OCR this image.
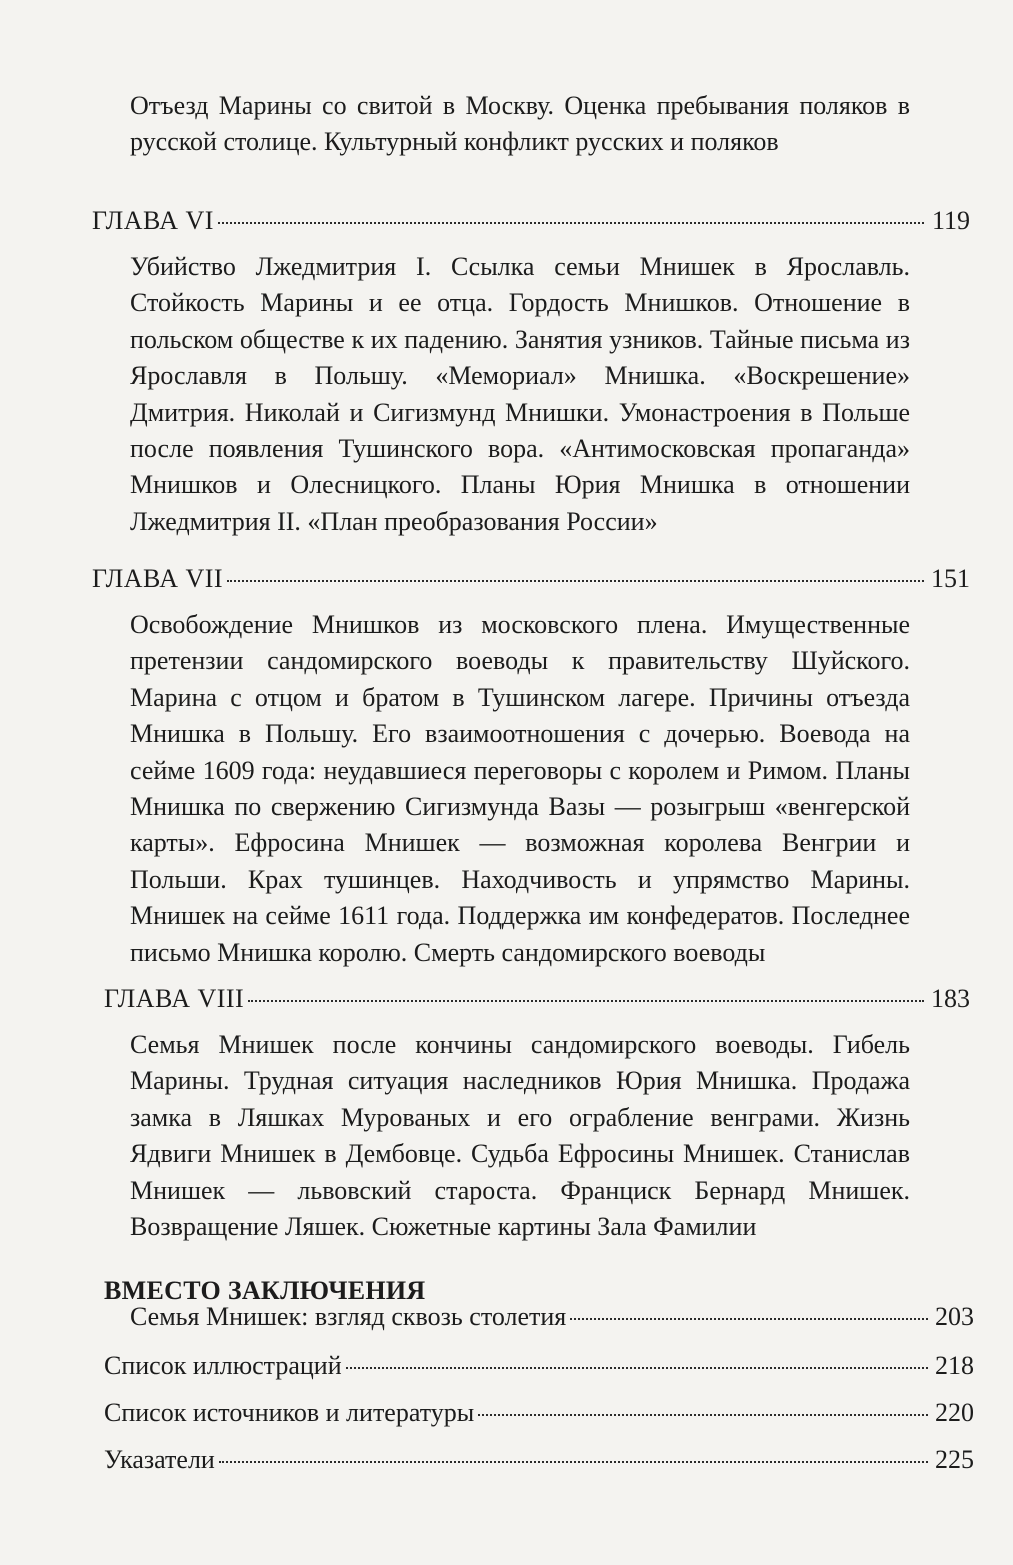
Отъезд Марины со свитой в Москву. Оценка пребывания поляков в русской столице. Культурный конфликт русских и поляков

ГЛАВА VI	119

Убийство Лжедмитрия I. Ссылка семьи Мнишек в Ярославль. Стойкость Марины и ее отца. Гордость Мнишков. Отношение в польском обществе к их падению. Занятия узников. Тайные письма из Ярославля в Польшу. «Мемориал» Мнишка. «Воскрешение» Дмитрия. Николай и Сигизмунд Мнишки. Умонастроения в Польше после появления Тушинского вора. «Антимосковская пропаганда» Мнишков и Олесницкого. Планы Юрия Мнишка в отношении Лжедмитрия II. «План преобразования России»

ГЛАВА VII	151

Освобождение Мнишков из московского плена. Имущественные претензии сандомирского воеводы к правительству Шуйского. Марина с отцом и братом в Тушинском лагере. Причины отъезда Мнишка в Польшу. Его взаимоотношения с дочерью. Воевода на сейме 1609 года: неудавшиеся переговоры с королем и Римом. Планы Мнишка по свержению Сигизмунда Вазы — розыгрыш «венгерской карты». Ефросина Мнишек — возможная королева Венгрии и Польши. Крах тушинцев. Находчивость и упрямство Марины. Мнишек на сейме 1611 года. Поддержка им конфедератов. Последнее письмо Мнишка королю. Смерть сандомирского воеводы

ГЛАВА VIII	183

Семья Мнишек после кончины сандомирского воеводы. Гибель Марины. Трудная ситуация наследников Юрия Мнишка. Продажа замка в Ляшках Мурованых и его ограбление венграми. Жизнь Ядвиги Мнишек в Дембовце. Судьба Ефросины Мнишек. Станислав Мнишек — львовский староста. Франциск Бернард Мнишек. Возвращение Ляшек. Сюжетные картины Зала Фамилии

ВМЕСТО ЗАКЛЮЧЕНИЯ
Семья Мнишек: взгляд сквозь столетия	203
Список иллюстраций	218
Список источников и литературы	220
Указатели	225
